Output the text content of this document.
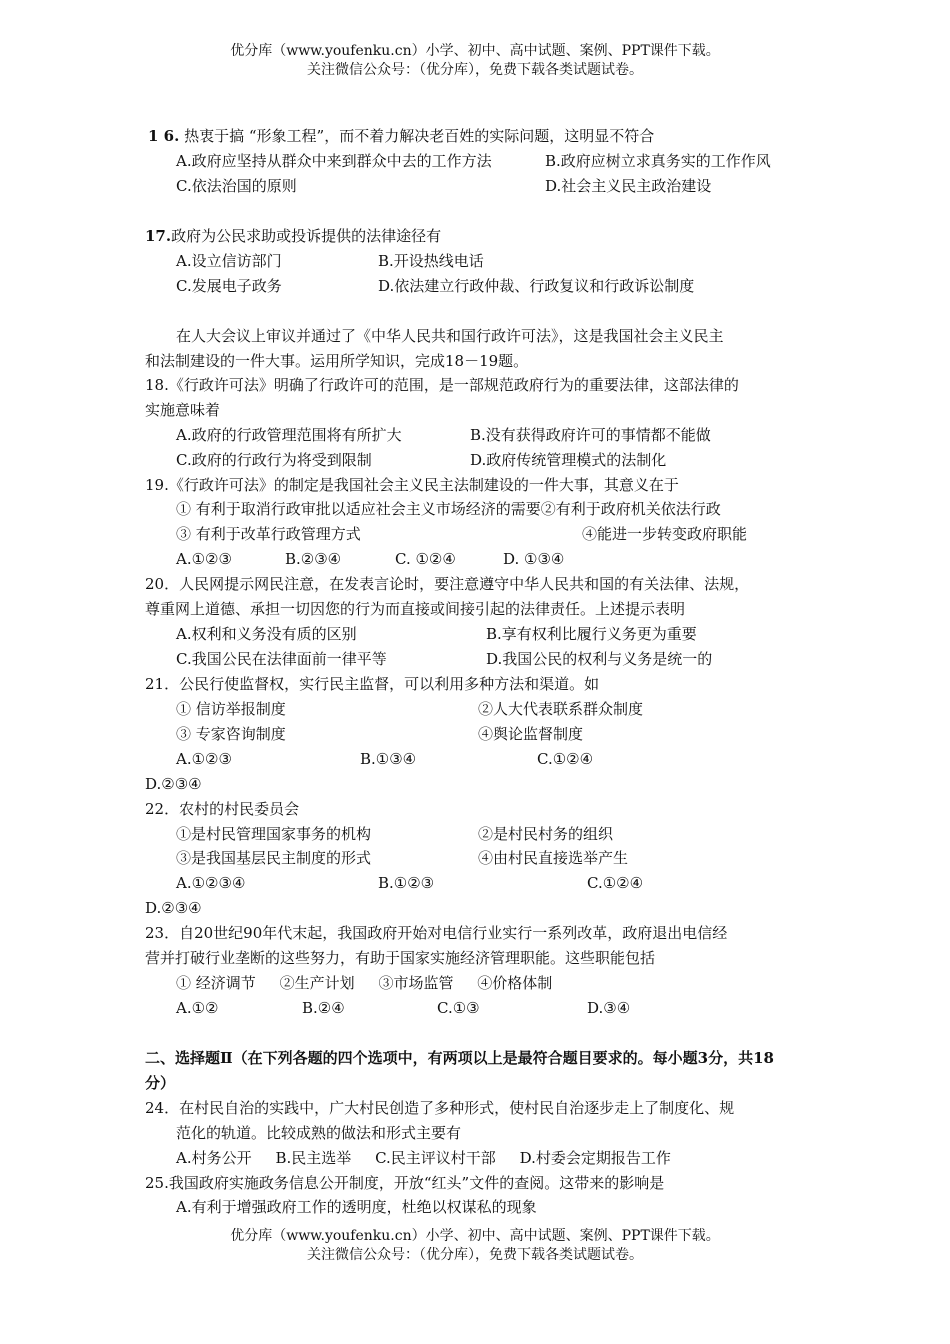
优分库（www.youfenku.cn）小学、初中、高中试题、案例、PPT课件下载。
关注微信公众号：（优分库），免费下载各类试题试卷。
1 6. 热衷于搞 “形象工程”，而不着力解决老百姓的实际问题，这明显不符合
A.政府应坚持从群众中来到群众中去的工作方法	B.政府应树立求真务实的工作作风
C.依法治国的原则	D.社会主义民主政治建设
17.政府为公民求助或投诉提供的法律途径有
A.设立信访部门	B.开设热线电话
C.发展电子政务	D.依法建立行政仲裁、行政复议和行政诉讼制度
在人大会议上审议并通过了《中华人民共和国行政许可法》，这是我国社会主义民主
和法制建设的一件大事。运用所学知识，完成18－19题。
18.《行政许可法》明确了行政许可的范围，是一部规范政府行为的重要法律，这部法律的
实施意味着
A.政府的行政管理范围将有所扩大	B.没有获得政府许可的事情都不能做
C.政府的行政行为将受到限制	D.政府传统管理模式的法制化
19.《行政许可法》的制定是我国社会主义民主法制建设的一件大事，其意义在于
① 有利于取消行政审批以适应社会主义市场经济的需要②有利于政府机关依法行政
③ 有利于改革行政管理方式	④能进一步转变政府职能
A.①②③	B.②③④	C. ①②④	D. ①③④
20．人民网提示网民注意，在发表言论时，要注意遵守中华人民共和国的有关法律、法规，
尊重网上道德、承担一切因您的行为而直接或间接引起的法律责任。上述提示表明
A.权利和义务没有质的区别	B.享有权利比履行义务更为重要
C.我国公民在法律面前一律平等	D.我国公民的权利与义务是统一的
21．公民行使监督权，实行民主监督，可以利用多种方法和渠道。如
① 信访举报制度	②人大代表联系群众制度
③ 专家咨询制度	④舆论监督制度
A.①②③	B.①③④	C.①②④
D.②③④
22．农村的村民委员会
①是村民管理国家事务的机构	②是村民村务的组织
③是我国基层民主制度的形式	④由村民直接选举产生
A.①②③④	B.①②③	C.①②④
D.②③④
23．自20世纪90年代末起，我国政府开始对电信行业实行一系列改革，政府退出电信经
营并打破行业垄断的这些努力，有助于国家实施经济管理职能。这些职能包括
① 经济调节     ②生产计划     ③市场监管     ④价格体制
A.①②	B.②④	C.①③	D.③④
二、选择题Ⅱ（在下列各题的四个选项中，有两项以上是最符合题目要求的。每小题3分，共18
分）
24．在村民自治的实践中，广大村民创造了多种形式，使村民自治逐步走上了制度化、规
范化的轨道。比较成熟的做法和形式主要有
A.村务公开     B.民主选举     C.民主评议村干部     D.村委会定期报告工作
25.我国政府实施政务信息公开制度，开放“红头”文件的查阅。这带来的影响是
A.有利于增强政府工作的透明度，杜绝以权谋私的现象
优分库（www.youfenku.cn）小学、初中、高中试题、案例、PPT课件下载。
关注微信公众号：（优分库），免费下载各类试题试卷。
